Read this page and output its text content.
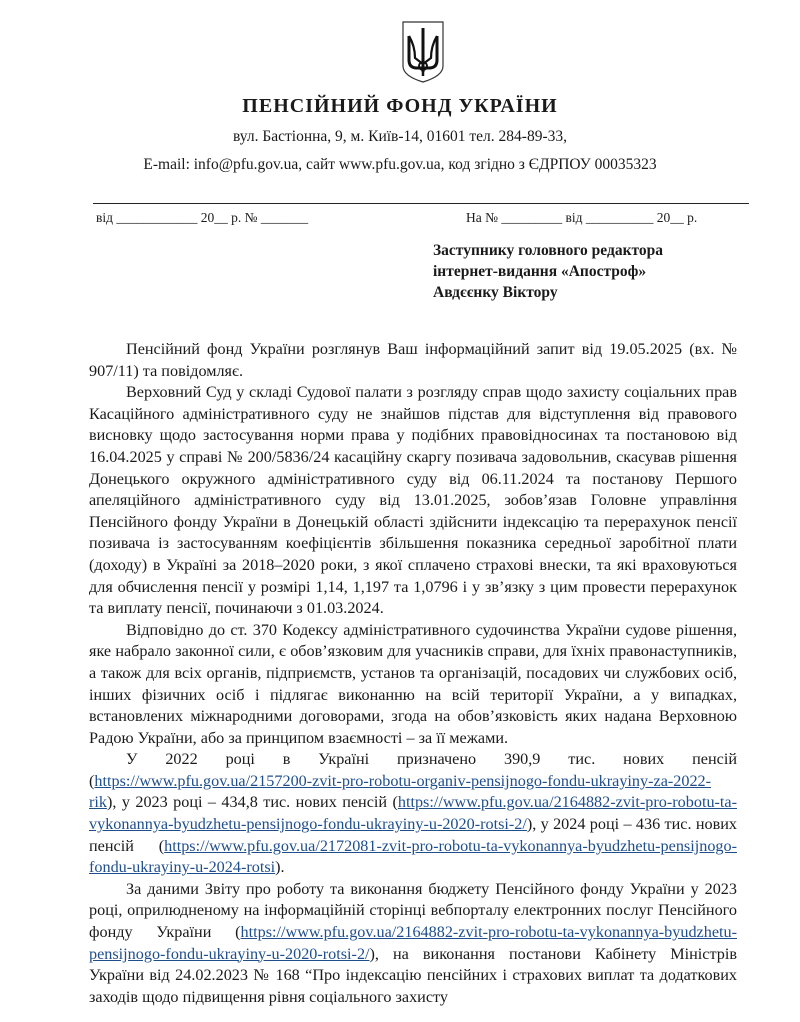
ПЕНСІЙНИЙ ФОНД УКРАЇНИ
вул. Бастіонна, 9, м. Київ-14, 01601 тел. 284-89-33,
E-mail: info@pfu.gov.ua, сайт www.pfu.gov.ua, код згідно з ЄДРПОУ 00035323
від ____________ 20__ р. № _______	На № _________ від __________ 20__ р.
Заступнику головного редактора
інтернет-видання «Апостроф»
Авдєєнку Віктору

Пенсійний фонд України розглянув Ваш інформаційний запит від 19.05.2025 (вх. № 907/11) та повідомляє.

Верховний Суд у складі Судової палати з розгляду справ щодо захисту соціальних прав Касаційного адміністративного суду не знайшов підстав для відступлення від правового висновку щодо застосування норми права у подібних правовідносинах та постановою від 16.04.2025 у справі № 200/5836/24 касаційну скаргу позивача задовольнив, скасував рішення Донецького окружного адміністративного суду від 06.11.2024 та постанову Першого апеляційного адміністративного суду від 13.01.2025, зобов’язав Головне управління Пенсійного фонду України в Донецькій області здійснити індексацію та перерахунок пенсії позивача із застосуванням коефіцієнтів збільшення показника середньої заробітної плати (доходу) в Україні за 2018–2020 роки, з якої сплачено страхові внески, та які враховуються для обчислення пенсії у розмірі 1,14, 1,197 та 1,0796 і у зв’язку з цим провести перерахунок та виплату пенсії, починаючи з 01.03.2024.

Відповідно до ст. 370 Кодексу адміністративного судочинства України судове рішення, яке набрало законної сили, є обов’язковим для учасників справи, для їхніх правонаступників, а також для всіх органів, підприємств, установ та організацій, посадових чи службових осіб, інших фізичних осіб і підлягає виконанню на всій території України, а у випадках, встановлених міжнародними договорами, згода на обов’язковість яких надана Верховною Радою України, або за принципом взаємності – за її межами.

У 2022 році в Україні призначено 390,9 тис. нових пенсій (https://www.pfu.gov.ua/2157200-zvit-pro-robotu-organiv-pensijnogo-fondu-ukrayiny-za-2022-rik), у 2023 році – 434,8 тис. нових пенсій (https://www.pfu.gov.ua/2164882-zvit-pro-robotu-ta-vykonannya-byudzhetu-pensijnogo-fondu-ukrayiny-u-2020-rotsi-2/), у 2024 році – 436 тис. нових пенсій (https://www.pfu.gov.ua/2172081-zvit-pro-robotu-ta-vykonannya-byudzhetu-pensijnogo-fondu-ukrayiny-u-2024-rotsi).

За даними Звіту про роботу та виконання бюджету Пенсійного фонду України у 2023 році, оприлюдненому на інформаційній сторінці вебпорталу електронних послуг Пенсійного фонду України (https://www.pfu.gov.ua/2164882-zvit-pro-robotu-ta-vykonannya-byudzhetu-pensijnogo-fondu-ukrayiny-u-2020-rotsi-2/), на виконання постанови Кабінету Міністрів України від 24.02.2023 № 168 “Про індексацію пенсійних і страхових виплат та додаткових заходів щодо підвищення рівня соціального захисту
